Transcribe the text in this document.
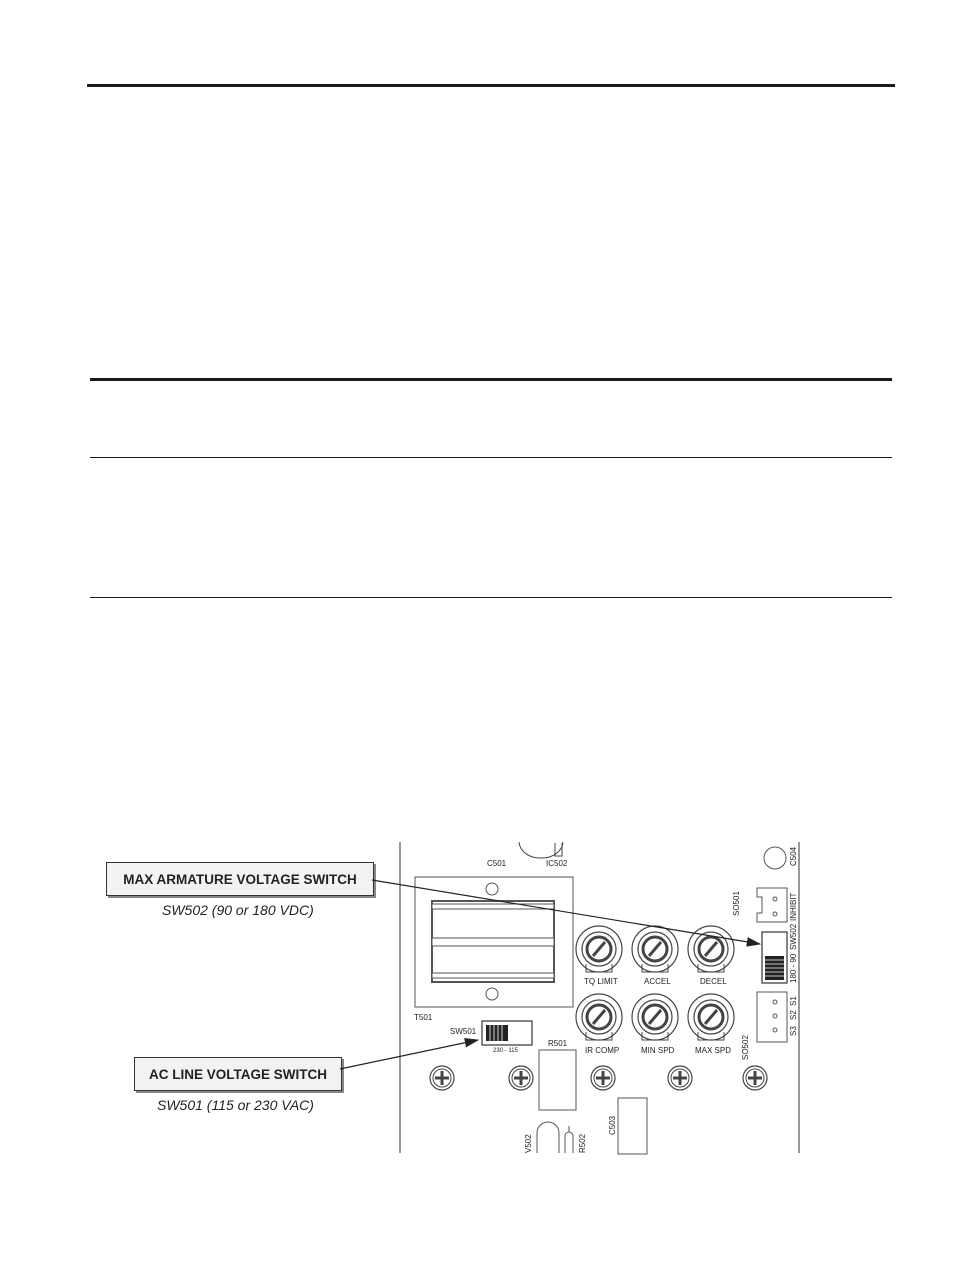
MAX ARMATURE VOLTAGE SWITCH
SW502 (90 or 180 VDC)
AC LINE VOLTAGE SWITCH
SW501 (115 or 230 VAC)
C501	IC502
T501
C504
SO501	INHIBIT
SW502
180 - 90
S1
S2
S3
SO502
TQ LIMIT	ACCEL	DECEL
IR COMP	MIN SPD	MAX SPD
SW501
230 - 115
R501
V502	R502
C503
